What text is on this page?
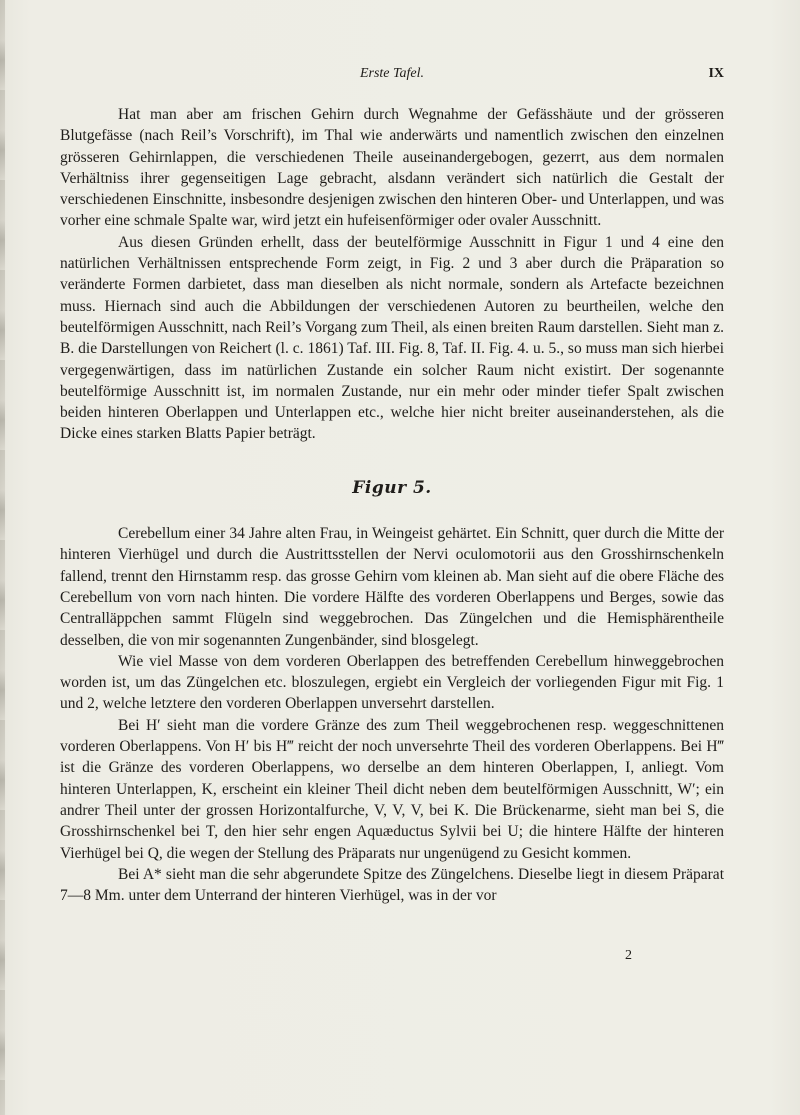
Erste Tafel.	IX

Hat man aber am frischen Gehirn durch Wegnahme der Gefässhäute und der grösseren Blutgefässe (nach Reil’s Vorschrift), im Thal wie anderwärts und namentlich zwischen den einzelnen grösseren Gehirnlappen, die verschiedenen Theile auseinandergebogen, gezerrt, aus dem normalen Verhältniss ihrer gegenseitigen Lage gebracht, alsdann verändert sich natürlich die Gestalt der verschiedenen Einschnitte, insbesondre desjenigen zwischen den hinteren Ober- und Unterlappen, und was vorher eine schmale Spalte war, wird jetzt ein hufeisenförmiger oder ovaler Ausschnitt.

Aus diesen Gründen erhellt, dass der beutelförmige Ausschnitt in Figur 1 und 4 eine den natürlichen Verhältnissen entsprechende Form zeigt, in Fig. 2 und 3 aber durch die Präparation so veränderte Formen darbietet, dass man dieselben als nicht normale, sondern als Artefacte bezeichnen muss. Hiernach sind auch die Abbildungen der verschiedenen Autoren zu beurtheilen, welche den beutelförmigen Ausschnitt, nach Reil’s Vorgang zum Theil, als einen breiten Raum darstellen. Sieht man z. B. die Darstellungen von Reichert (l. c. 1861) Taf. III. Fig. 8, Taf. II. Fig. 4. u. 5., so muss man sich hierbei vergegenwärtigen, dass im natürlichen Zustande ein solcher Raum nicht existirt. Der sogenannte beutelförmige Ausschnitt ist, im normalen Zustande, nur ein mehr oder minder tiefer Spalt zwischen beiden hinteren Oberlappen und Unterlappen etc., welche hier nicht breiter auseinanderstehen, als die Dicke eines starken Blatts Papier beträgt.

Figur 5.

Cerebellum einer 34 Jahre alten Frau, in Weingeist gehärtet. Ein Schnitt, quer durch die Mitte der hinteren Vierhügel und durch die Austrittsstellen der Nervi oculomotorii aus den Grosshirnschenkeln fallend, trennt den Hirnstamm resp. das grosse Gehirn vom kleinen ab. Man sieht auf die obere Fläche des Cerebellum von vorn nach hinten. Die vordere Hälfte des vorderen Oberlappens und Berges, sowie das Centralläppchen sammt Flügeln sind weggebrochen. Das Züngelchen und die Hemisphärentheile desselben, die von mir sogenannten Zungenbänder, sind blosgelegt.

Wie viel Masse von dem vorderen Oberlappen des betreffenden Cerebellum hinweggebrochen worden ist, um das Züngelchen etc. bloszulegen, ergiebt ein Vergleich der vorliegenden Figur mit Fig. 1 und 2, welche letztere den vorderen Oberlappen unversehrt darstellen.

Bei H′ sieht man die vordere Gränze des zum Theil weggebrochenen resp. weggeschnittenen vorderen Oberlappens. Von H′ bis H‴ reicht der noch unversehrte Theil des vorderen Oberlappens. Bei H‴ ist die Gränze des vorderen Oberlappens, wo derselbe an dem hinteren Oberlappen, I, anliegt. Vom hinteren Unterlappen, K, erscheint ein kleiner Theil dicht neben dem beutelförmigen Ausschnitt, W′; ein andrer Theil unter der grossen Horizontalfurche, V, V, V, bei K. Die Brückenarme, sieht man bei S, die Grosshirnschenkel bei T, den hier sehr engen Aquæductus Sylvii bei U; die hintere Hälfte der hinteren Vierhügel bei Q, die wegen der Stellung des Präparats nur ungenügend zu Gesicht kommen.

Bei A* sieht man die sehr abgerundete Spitze des Züngelchens. Dieselbe liegt in diesem Präparat 7—8 Mm. unter dem Unterrand der hinteren Vierhügel, was in der vor

2
